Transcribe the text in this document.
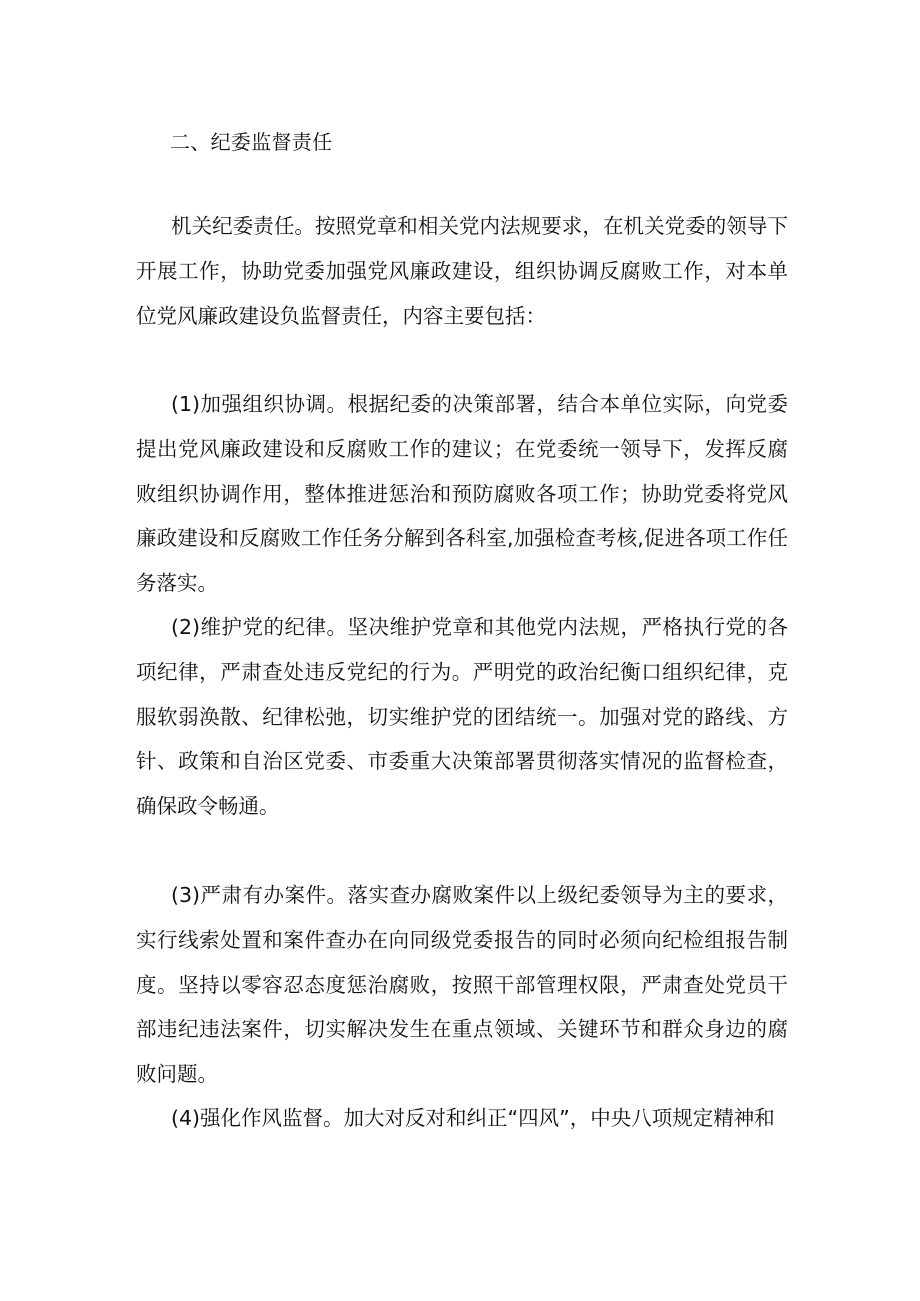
二、纪委监督责任

机关纪委责任。按照党章和相关党内法规要求，在机关党委的领导下开展工作，协助党委加强党风廉政建设，组织协调反腐败工作，对本单位党风廉政建设负监督责任，内容主要包括：

(1)加强组织协调。根据纪委的决策部署，结合本单位实际，向党委提出党风廉政建设和反腐败工作的建议；在党委统一领导下，发挥反腐败组织协调作用，整体推进惩治和预防腐败各项工作；协助党委将党风廉政建设和反腐败工作任务分解到各科室,加强检查考核,促进各项工作任务落实。

(2)维护党的纪律。坚决维护党章和其他党内法规，严格执行党的各项纪律，严肃查处违反党纪的行为。严明党的政治纪衡口组织纪律，克服软弱涣散、纪律松弛，切实维护党的团结统一。加强对党的路线、方针、政策和自治区党委、市委重大决策部署贯彻落实情况的监督检查，确保政令畅通。

(3)严肃有办案件。落实查办腐败案件以上级纪委领导为主的要求，实行线索处置和案件查办在向同级党委报告的同时必须向纪检组报告制度。坚持以零容忍态度惩治腐败，按照干部管理权限，严肃查处党员干部违纪违法案件，切实解决发生在重点领域、关键环节和群众身边的腐败问题。

(4)强化作风监督。加大对反对和纠正“四风”，中央八项规定精神和
